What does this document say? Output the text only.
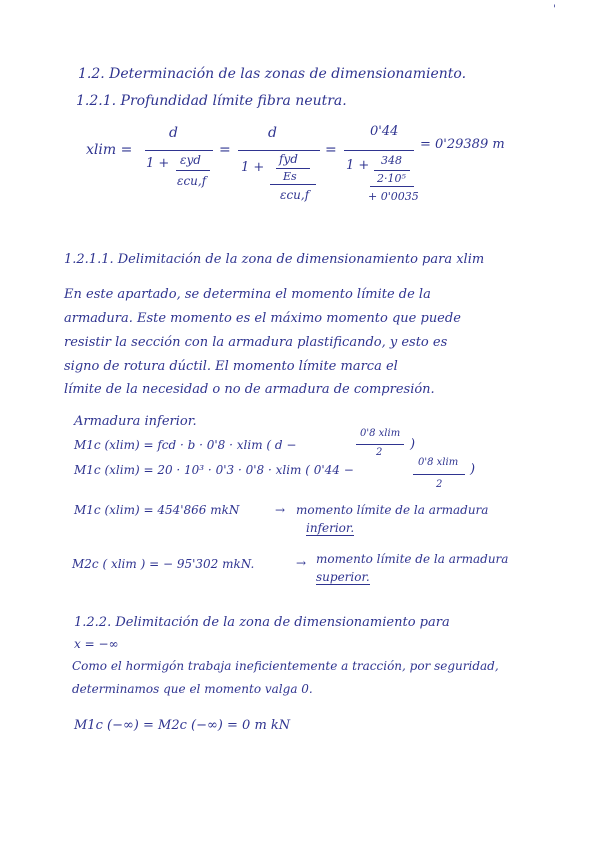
'
1.2. Determinación de las zonas de dimensionamiento.
1.2.1. Profundidad límite fibra neutra.
xlim =
d
1 + εyd
εcu,f
=
d
1 +
fyd
Es
εcu,f
=
0'44
1 + 348
2·10⁵
+ 0'0035
= 0'29389 m
1.2.1.1. Delimitación de la zona de dimensionamiento para xlim
En este apartado, se determina el momento límite de la
armadura. Este momento es el máximo momento que puede
resistir la sección con la armadura plastificando, y esto es
signo de rotura dúctil. El momento límite marca el
límite de la necesidad o no de armadura de compresión.
Armadura inferior.
M1c (xlim) = fcd · b · 0'8 · xlim ( d −
0'8 xlim
2
)
M1c (xlim) = 20 · 10³ · 0'3 · 0'8 · xlim ( 0'44 −
0'8 xlim
2
)
M1c (xlim) = 454'866 mkN	→ momento límite de la armadura
inferior.
M2c ( xlim ) = − 95'302 mkN.	→ momento límite de la armadura
superior.
1.2.2. Delimitación de la zona de dimensionamiento para
x = −∞
Como el hormigón trabaja ineficientemente a tracción, por seguridad,
determinamos que el momento valga 0.
M1c (−∞) = M2c (−∞) = 0 m kN
